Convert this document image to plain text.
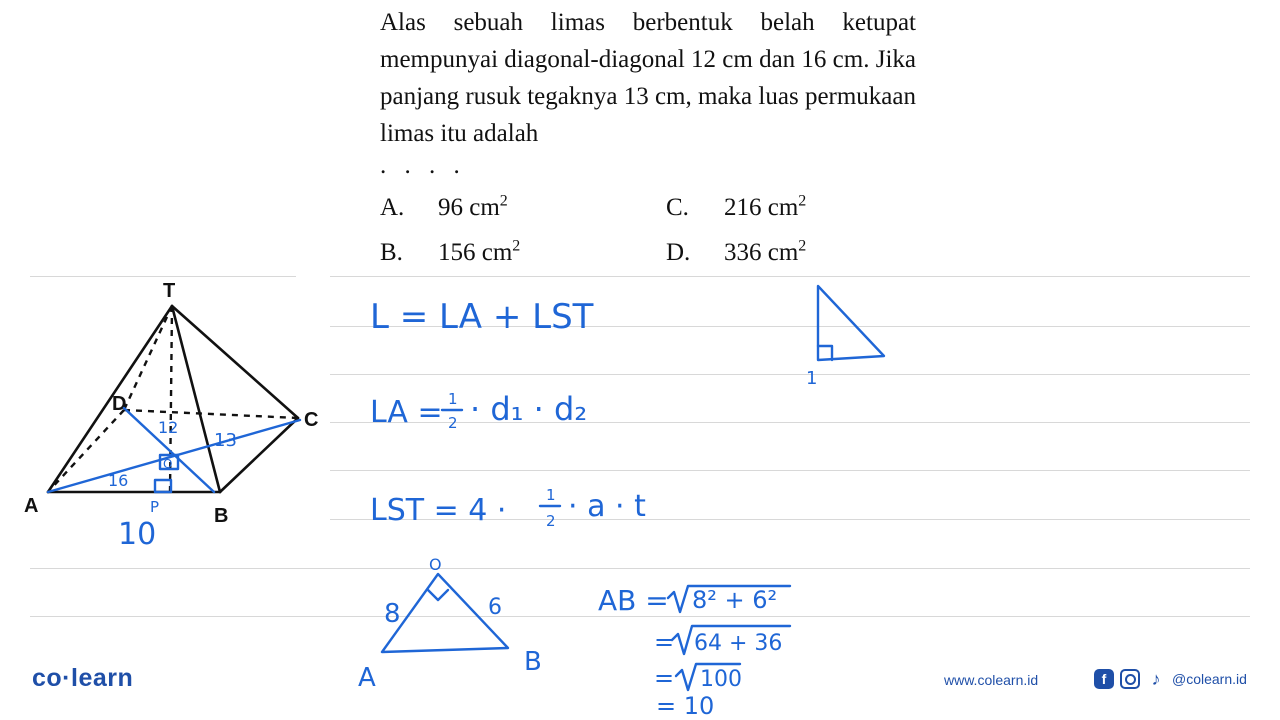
Alas sebuah limas berbentuk belah ketupat mempunyai diagonal-diagonal 12 cm dan 16 cm. Jika panjang rusuk tegaknya 13 cm, maka luas permukaan limas itu adalah

. . . .
A. 96 $cm^2$
B. 156 $cm^2$
C. 216 $cm^2$
D. 336 $cm^2$
T
A	B
C
D
12
13
16
O
P
10
L = LA + LST
LA = 1
2 · d₁ · d₂
LST = 4 ·	1
2 · a · t
1
O
8	6
A
B
AB = 8² + 6²
= 64 + 36
= 100
= 10
co·learn	www.colearn.id	f	♪ @colearn.id
